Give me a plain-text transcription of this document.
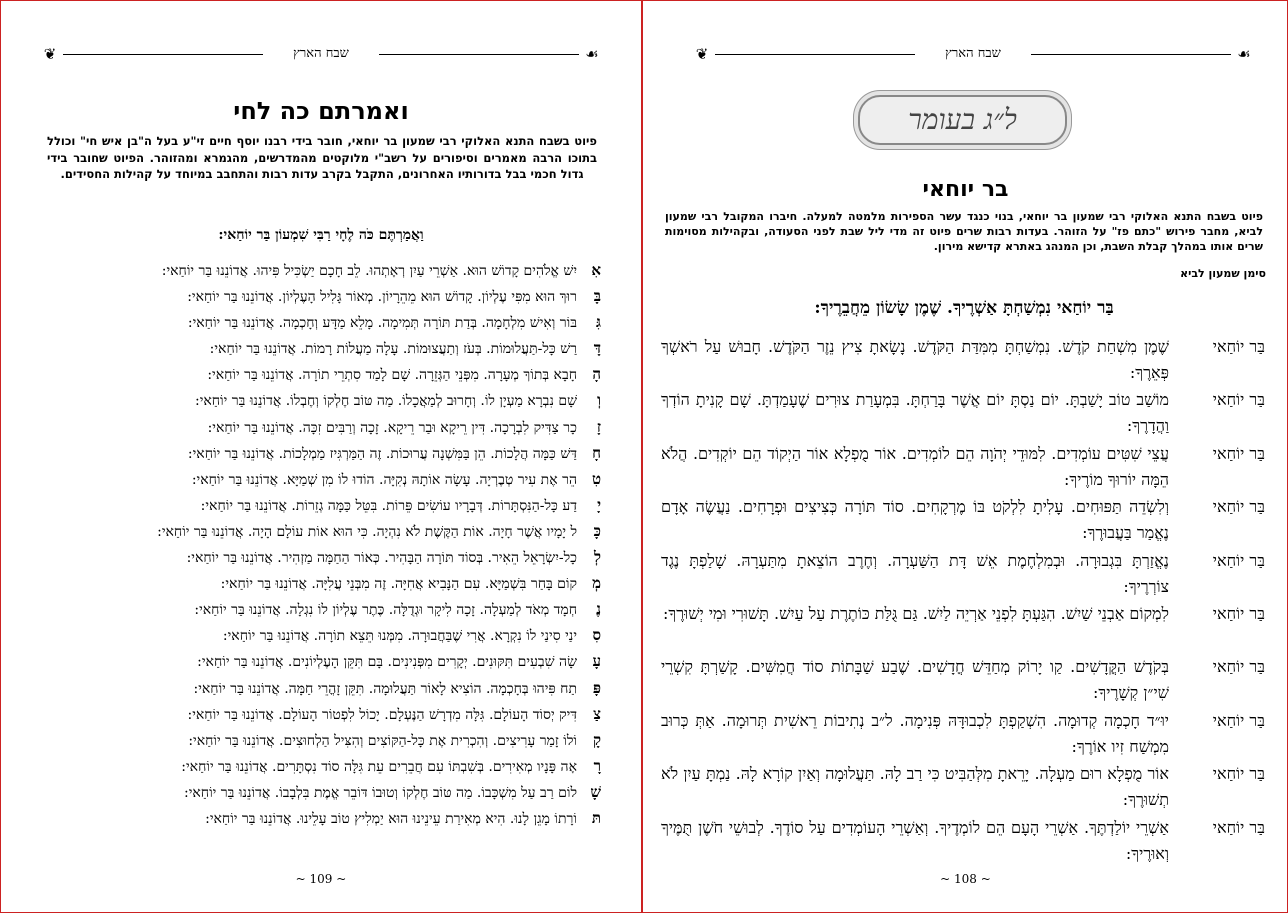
❦	☙
שבח הארץ
ואמרתם כה לחי
פיוט בשבח התנא האלוקי רבי שמעון בר יוחאי, חובר בידי רבנו יוסף חיים זי"ע בעל ה"בן איש חי" וכולל בתוכו הרבה מאמרים וסיפורים על רשב"י מלוקטים מהמדרשים, מהגמרא ומהזוהר. הפיוט שחובר בידי גדול חכמי בבל בדורותיו האחרונים, התקבל בקרב עדות רבות והתחבב במיוחד על קהילות החסידים.
וַאֲמַרְתֶּם כֹּה לֶחָי רַבִּי שִׁמְעוֹן בַּר יוֹחַאי:
אִיִשׁ אֱלֹהִים קָדוֹשׁ הוּא. אַשְׁרֵי עַיִן רְאָתְהוּ. לֵב חָכָם יַשְׂכִּיל פִּיהוּ. אֲדוֹנֵנוּ בַּר יוֹחַאי:
בָּרוּךְ הוּא מִפִּי עֶלְיוֹן. קָדוֹשׁ הוּא מֵהֵרָיוֹן. מְאוֹר גָּלִיל הָעֶלְיוֹן. אֲדוֹנֵנוּ בַּר יוֹחַאי:
גִּבּוֹר וְאִישׁ מִלְחָמָה. בְּדַת תּוֹרָה תְּמִימָה. מָלֵא מַדָּע וְחָכְמָה. אֲדוֹנֵנוּ בַּר יוֹחַאי:
דָּרַשׁ כָּל-תַּעֲלוּמוֹת. בְּעֹז וְתַעֲצוּמוֹת. עָלָה מַעֲלוֹת רָמוֹת. אֲדוֹנֵנוּ בַּר יוֹחַאי:
הָחָבָא בְּתוֹךְ מְעָרָה. מִפְּנֵי הַגְּזֵרָה. שָׁם לָמַד סִתְרֵי תוֹרָה. אֲדוֹנֵנוּ בַּר יוֹחַאי:
וְשָׁם נִבְרָא מַעְיָן לוֹ. וְחָרוּב לְמַאֲכָלוֹ. מַה טּוֹב חֶלְקוֹ וְחֶבְלוֹ. אֲדוֹנֵנוּ בַּר יוֹחַאי:
זָכָר צַדִּיק לִבְרָכָה. דִּין רֵיקָא וּבַר רֵיקָא. זָכָה וְרַבִּים זִכָּה. אֲדוֹנֵנוּ בַּר יוֹחַאי:
חָדַּשׁ כַּמָּה הֲלָכוֹת. הֵן בַּמִּשְׁנָה עֲרוּכוֹת. זֶה הַמַּרְגִּיז מַמְלָכוֹת. אֲדוֹנֵנוּ בַּר יוֹחַאי:
טִהֵר אֶת עִיר טְבֶרְיָה. עָשָׂה אוֹתָהּ נְקִיָּה. הוֹדוּ לוֹ מִן שְׁמַיָּא. אֲדוֹנֵנוּ בַּר יוֹחַאי:
יָדַע כָּל-הַנִּסְתָּרוֹת. דְּבָרָיו עוֹשִׂים פֵּרוֹת. בִּטֵּל כַּמָּה גְזֵרוֹת. אֲדוֹנֵנוּ בַּר יוֹחַאי:
כָּל יָמָיו אֲשֶׁר חָיָה. אוֹת הַקֶּשֶׁת לֹא נִהְיָה. כִּי הוּא אוֹת עוֹלָם הָיָה. אֲדוֹנֵנוּ בַּר יוֹחַאי:
לְכָל-יִשְׂרָאֵל הֵאִיר. בְּסוֹד תּוֹרָה הַבָּהִיר. כְּאוֹר הַחַמָּה מַזְהִיר. אֲדוֹנֵנוּ בַּר יוֹחַאי:
מְקוֹם בָּחַר בִּשְׁמַיָּא. עִם הַנָּבִיא אֲחִיָּה. זֶה מִבְּנֵי עֲלִיָּה. אֲדוֹנֵנוּ בַּר יוֹחַאי:
נֶחְמָד מְאֹד לְמַעְלָה. זָכָה לִיקָר וּגְדֻלָּה. כֶּתֶר עֶלְיוֹן לוֹ נִגְלָה. אֲדוֹנֵנוּ בַּר יוֹחַאי:
סִינַי סִינַי לוֹ נִקְרָא. אֲרִי שֶׁבַּחֲבוּרָה. מִמְּנוּ תֵּצֵא תוֹרָה. אֲדוֹנֵנוּ בַּר יוֹחַאי:
עָשָׂה שִׁבְעִים תִּקּוּנִים. יְקָרִים מִפְּנִינִים. בָּם תִּקֵּן הָעֶלְיוֹנִים. אֲדוֹנֵנוּ בַּר יוֹחַאי:
פָּתַח פִּיהוּ בְּחָכְמָה. הוֹצִיא לָאוֹר תַּעֲלוּמָה. תִּקֵּן זָהֳרֵי חַמָּה. אֲדוֹנֵנוּ בַּר יוֹחַאי:
צַדִּיק יְסוֹד הָעוֹלָם. גִּלָּה מִדְרָשׁ הַנֶּעְלָם. יָכוֹל לִפְטוֹר הָעוֹלָם. אֲדוֹנֵנוּ בַּר יוֹחַאי:
קָוֹלוֹ זָמַר עָרִיצִים. וְהִכְרִית אֶת כָּל-הַקּוֹצִים וְהִצִּיל הַלְחוּצִים. אֲדוֹנֵנוּ בַּר יוֹחַאי:
רָאָה פָּנָיו מְאִירִים. בְּשִׁבְתּוֹ עִם חֲבֵרִים עֵת גִּלָּה סוֹד נִסְתָּרִים. אֲדוֹנֵנוּ בַּר יוֹחַאי:
שָׁלוֹם רַב עַל מִשְׁכָּבוֹ. מַה טּוֹב חֶלְקוֹ וְטוּבוֹ דּוֹבֵר אֱמֶת בִּלְבָבוֹ. אֲדוֹנֵנוּ בַּר יוֹחַאי:
תּוֹרָתוֹ מָגֵן לָנוּ. הִיא מְאִירַת עֵינֵינוּ הוּא יַמְלִיץ טוֹב עָלֵינוּ. אֲדוֹנֵנוּ בַּר יוֹחַאי:
~ 109 ~
❦	☙
שבח הארץ
ל״ג בעומר
בר יוחאי
פיוט בשבח התנא האלוקי רבי שמעון בר יוחאי, בנוי כנגד עשר הספירות מלמטה למעלה. חיברו המקובל רבי שמעון לביא, מחבר פירוש "כתם פז" על הזוהר. בעדות רבות שרים פיוט זה מדי ליל שבת לפני הסעודה, ובקהילות מסוימות שרים אותו במהלך קבלת השבת, וכן המנהג באתרא קדישא מירון.
סימן שמעון לביא
בַּר יוֹחַאי נִמְשַׁחְתָּ אַשְׁרֶיךָ. שֶׁמֶן שָׂשׂוֹן מֵחֲבֵרֶיךָ:
בַּר יוֹחַאי
שֶׁמֶן מִשְׁחַת קֹדֶשׁ. נִמְשַׁחְתָּ מִמִּדַּת הַקֹּדֶשׁ. נָשָׂאתָ צִיץ נֵזֶר הַקֹּדֶשׁ. חָבוּשׁ עַל רֹאשְׁךָ פְּאֵרֶךָ:
בַּר יוֹחַאי
מוֹשַׁב טוֹב יָשַׁבְתָּ. יוֹם נַסְתָּ יוֹם אֲשֶׁר בָּרַחְתָּ. בִּמְעָרַת צוּרִים שֶׁעָמַדְתָּ. שָׁם קָנִיתָ הוֹדְךָ וַהֲדָרֶךָ:
בַּר יוֹחַאי
עֲצֵי שִׁטִּים עוֹמְדִים. לִמּוּדֵי יְהֹוָה הֵם לוֹמְדִים. אוֹר מֻפְלָא אוֹר הַיְקוֹד הֵם יוֹקְדִים. הֲלֹא הֵמָּה יוֹרוּךָ מוֹרֶיךָ:
בַּר יוֹחַאי
וְלִשְׂדֵה תַּפּוּחִים. עָלִיתָ לִלְקֹט בּוֹ מֶרְקָחִים. סוֹד תּוֹרָה כְּצִיצִים וּפְרָחִים. נַעֲשֶׂה אָדָם נֶאֱמַר בַּעֲבוּרֶךָ:
בַּר יוֹחַאי
נֶאֱזַרְתָּ בִּגְבוּרָה. וּבְמִלְחֶמֶת אֵשׁ דָּת הַשַּׁעְרָה. וְחֶרֶב הוֹצֵאתָ מִתַּעְרָהּ. שָׁלַפְתָּ נֶגֶד צוֹרְרֶיךָ:
בַּר יוֹחַאי
לִמְקוֹם אַבְנֵי שַׁיִשׁ. הִגַּעְתָּ לִפְנֵי אַרְיֵה לַיִשׁ. גַּם גֻּלַּת כּוֹתֶרֶת עַל עַיִשׁ. תָּשׁוּרִי וּמִי יְשׁוּרֶךָ:
בַּר יוֹחַאי
בְּקֹדֶשׁ הַקֳּדָשִׁים. קַו יָרוֹק מְחַדֵּשׁ חֳדָשִׁים. שֶׁבַע שַׁבָּתוֹת סוֹד חֲמִשִּׁים. קָשַׁרְתָּ קִשְׁרֵי שִׁי״ן קְשָׁרֶיךָ:
בַּר יוֹחַאי
יוּ״ד חָכְמָה קְדוּמָה. הִשְׁקַפְתָּ לִכְבוּדָּהּ פְּנִימָה. ל״ב נְתִיבוֹת רֵאשִׁית תְּרוּמָה. אַתְּ כְּרוּב מִמְשַׁח זִיו אוֹרֶךָ:
בַּר יוֹחַאי
אוֹר מֻפְלָא רוּם מַעְלָה. יָרֵאתָ מִלְּהַבִּיט כִּי רַב לָהּ. תַּעֲלוּמָה וְאַיִן קוֹרָא לָהּ. נַמְתָּ עַיִן לֹא תְשׁוּרֶךָ:
בַּר יוֹחַאי
אַשְׁרֵי יוֹלַדְתֶּךָ. אַשְׁרֵי הָעָם הֵם לוֹמְדֶיךָ. וְאַשְׁרֵי הָעוֹמְדִים עַל סוֹדֶךָ. לְבוּשֵׁי חֹשֶׁן תֻּמֶּיךָ וְאוּרֶיךָ:
~ 108 ~
